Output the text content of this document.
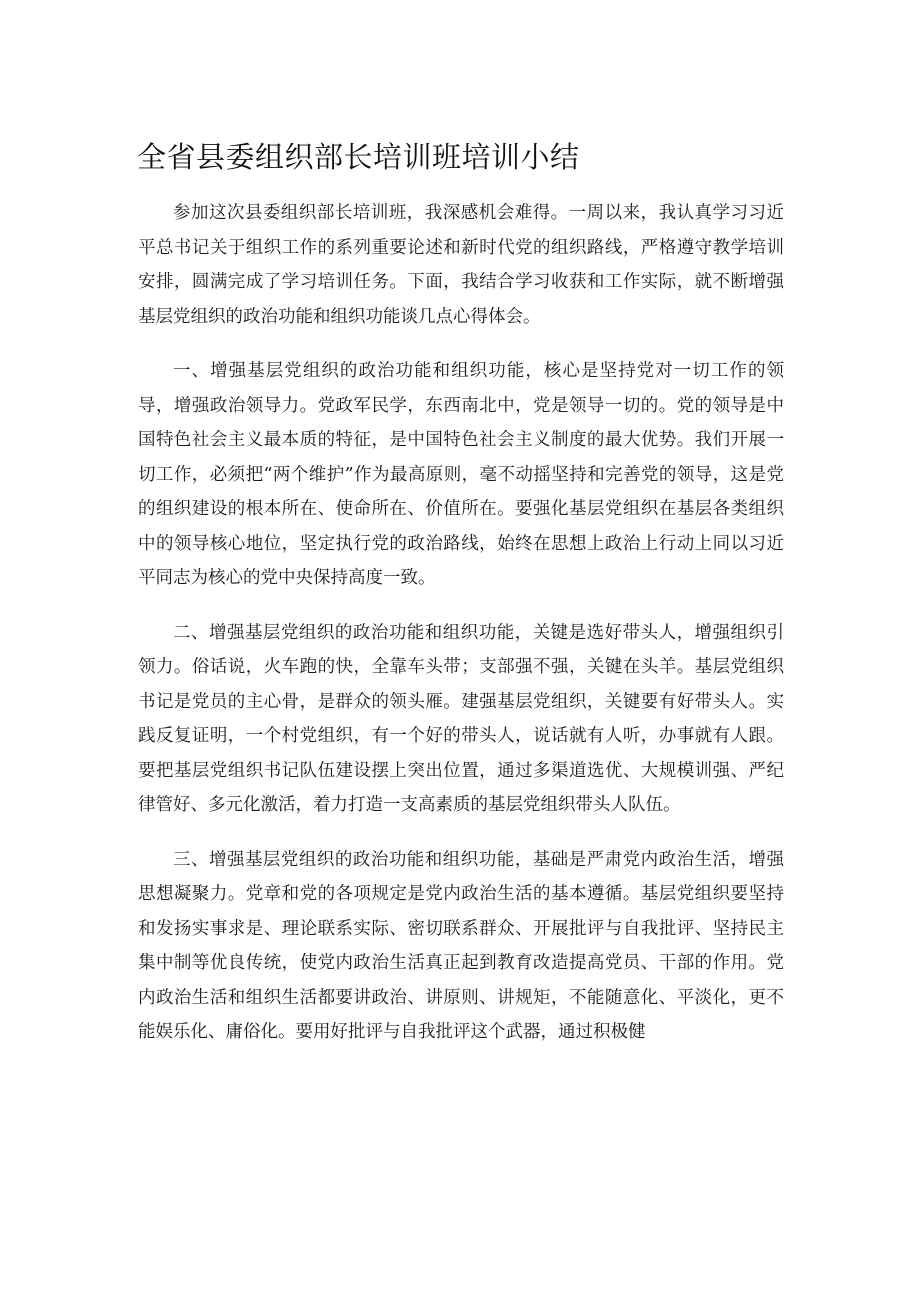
全省县委组织部长培训班培训小结

参加这次县委组织部长培训班，我深感机会难得。一周以来，我认真学习习近平总书记关于组织工作的系列重要论述和新时代党的组织路线，严格遵守教学培训安排，圆满完成了学习培训任务。下面，我结合学习收获和工作实际，就不断增强基层党组织的政治功能和组织功能谈几点心得体会。

一、增强基层党组织的政治功能和组织功能，核心是坚持党对一切工作的领导，增强政治领导力。党政军民学，东西南北中，党是领导一切的。党的领导是中国特色社会主义最本质的特征，是中国特色社会主义制度的最大优势。我们开展一切工作，必须把“两个维护”作为最高原则，毫不动摇坚持和完善党的领导，这是党的组织建设的根本所在、使命所在、价值所在。要强化基层党组织在基层各类组织中的领导核心地位，坚定执行党的政治路线，始终在思想上政治上行动上同以习近平同志为核心的党中央保持高度一致。

二、增强基层党组织的政治功能和组织功能，关键是选好带头人，增强组织引领力。俗话说，火车跑的快，全靠车头带；支部强不强，关键在头羊。基层党组织书记是党员的主心骨，是群众的领头雁。建强基层党组织，关键要有好带头人。实践反复证明，一个村党组织，有一个好的带头人，说话就有人听，办事就有人跟。要把基层党组织书记队伍建设摆上突出位置，通过多渠道选优、大规模训强、严纪律管好、多元化激活，着力打造一支高素质的基层党组织带头人队伍。

三、增强基层党组织的政治功能和组织功能，基础是严肃党内政治生活，增强思想凝聚力。党章和党的各项规定是党内政治生活的基本遵循。基层党组织要坚持和发扬实事求是、理论联系实际、密切联系群众、开展批评与自我批评、坚持民主集中制等优良传统，使党内政治生活真正起到教育改造提高党员、干部的作用。党内政治生活和组织生活都要讲政治、讲原则、讲规矩，不能随意化、平淡化，更不能娱乐化、庸俗化。要用好批评与自我批评这个武器，通过积极健
